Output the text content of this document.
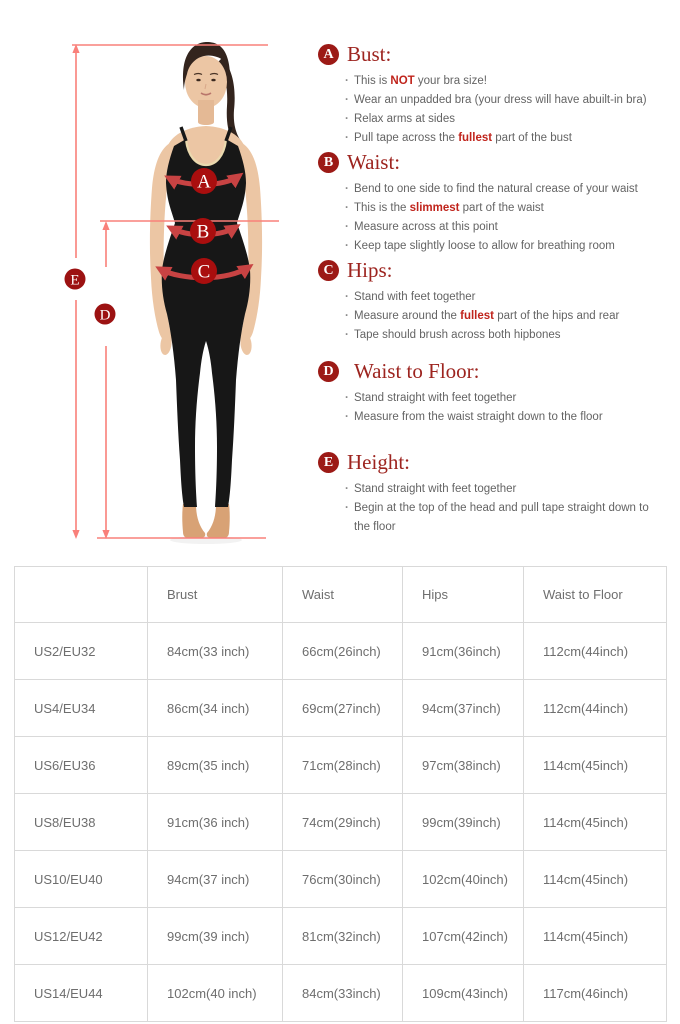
A
B
C
E
D
A Bust:
· This is NOT your bra size!
· Wear an unpadded bra (your dress will have abuilt-in bra)
· Relax arms at sides
· Pull tape across the fullest part of the bust
B Waist:
· Bend to one side to find the natural crease of your waist
· This is the slimmest part of the waist
· Measure across at this point
· Keep tape slightly loose to allow for breathing room
C Hips:
· Stand with feet together
· Measure around the fullest part of the hips and rear
· Tape should brush across both hipbones
D Waist to Floor:
· Stand straight with feet together
· Measure from the waist straight down to the floor
E Height:
· Stand straight with feet together
· Begin at the top of the head and pull tape straight down to the floor
	Brust	Waist	Hips	Waist to Floor
US2/EU32	84cm(33 inch)	66cm(26inch)	91cm(36inch)	112cm(44inch)
US4/EU34	86cm(34 inch)	69cm(27inch)	94cm(37inch)	112cm(44inch)
US6/EU36	89cm(35 inch)	71cm(28inch)	97cm(38inch)	114cm(45inch)
US8/EU38	91cm(36 inch)	74cm(29inch)	99cm(39inch)	114cm(45inch)
US10/EU40	94cm(37 inch)	76cm(30inch)	102cm(40inch)	114cm(45inch)
US12/EU42	99cm(39 inch)	81cm(32inch)	107cm(42inch)	114cm(45inch)
US14/EU44	102cm(40 inch)	84cm(33inch)	109cm(43inch)	117cm(46inch)
